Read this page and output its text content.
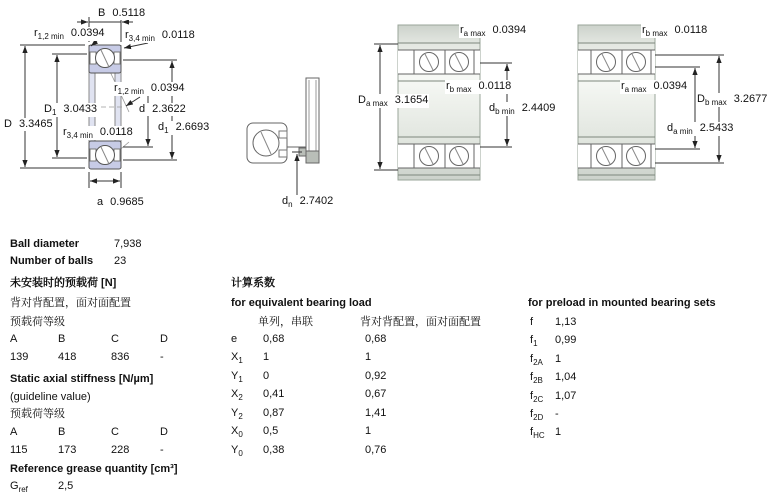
B 0.5118
$r_{1,2 min}$ 0.0394 $r_{3,4 min}$ 0.0118
$r_{1,2 min}$ 0.0394
$D_1$ 3.0433	d 2.3622
D 3.3465
$r_{3,4 min}$ 0.0118 $d_1$ 2.6693
a 0.9685	$d_n$ 2.7402
$r_{a max}$ 0.0394
$r_{b max}$ 0.0118
$D_{a max}$ 3.1654
$d_{b min}$ 2.4409
$r_{b max}$ 0.0118
$r_{a max}$ 0.0394
$D_{b max}$ 3.2677
$d_{a min}$ 2.5433
Ball diameter	7,938
Number of balls 23
未安装时的预载荷 [N]
背对背配置，面对面配置
预载荷等级
A	B	C	D
139	418	836	-
Static axial stiffness [N/µm]
(guideline value)
预载荷等级
A	B	C	D
115	173	228	-
Reference grease quantity [cm³]
$G_{ref}$	2,5
计算系数
for equivalent bearing load
单列，串联	背对背配置，面对面配置
e 0,68	0,68
$X_1$ 1	1
$Y_1$ 0	0,92
$X_2$ 0,41	0,67
$Y_2$ 0,87	1,41
$X_0$ 0,5	1
$Y_0$ 0,38	0,76
for preload in mounted bearing sets
f 1,13
$f_1$ 0,99
$f_{2A}$ 1
$f_{2B}$ 1,04
$f_{2C}$ 1,07
$f_{2D}$ -
$f_{HC}$ 1
